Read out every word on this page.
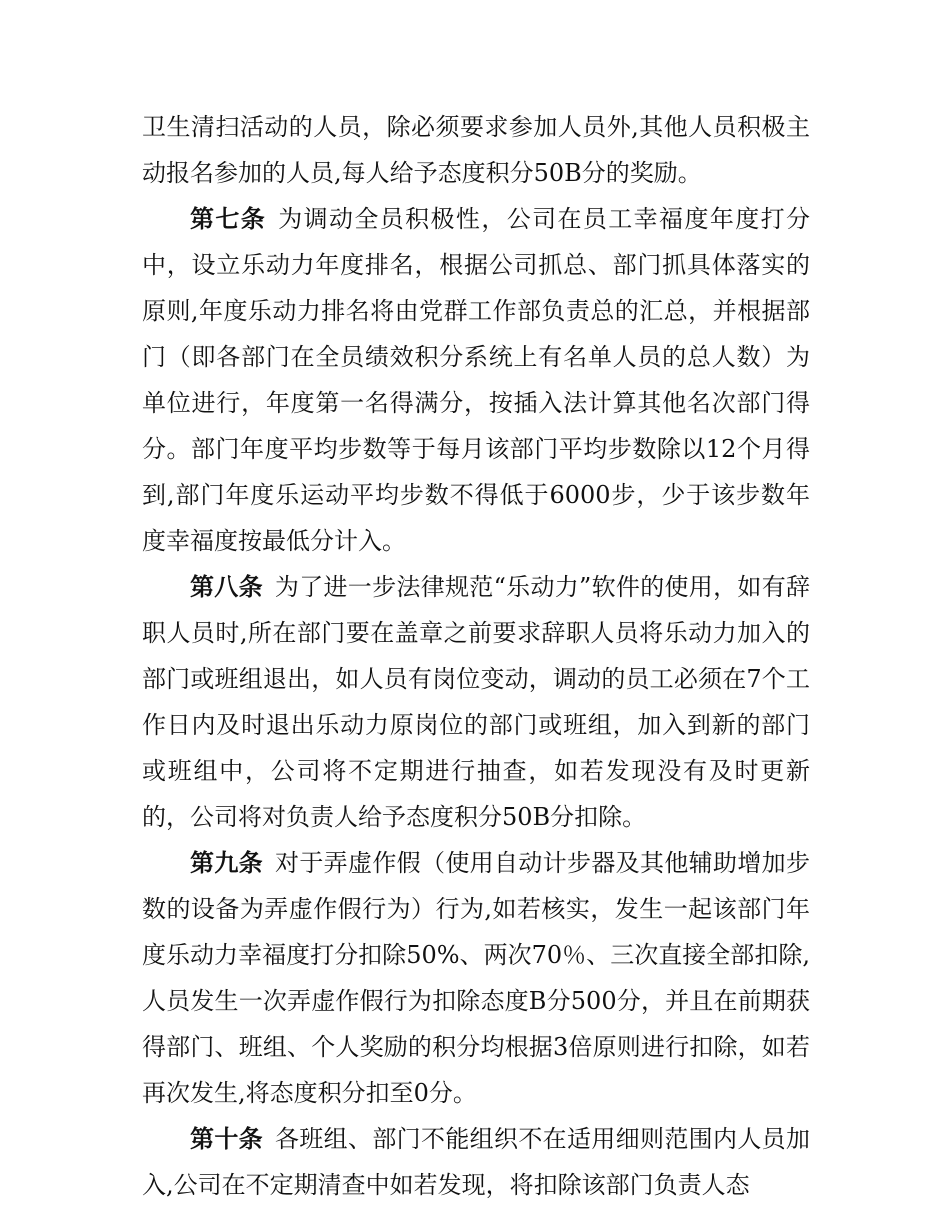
卫生清扫活动的人员，除必须要求参加人员外,其他人员积极主动报名参加的人员,每人给予态度积分50B分的奖励。

第七条 为调动全员积极性，公司在员工幸福度年度打分中，设立乐动力年度排名，根据公司抓总、部门抓具体落实的原则,年度乐动力排名将由党群工作部负责总的汇总，并根据部门（即各部门在全员绩效积分系统上有名单人员的总人数）为单位进行，年度第一名得满分，按插入法计算其他名次部门得分。部门年度平均步数等于每月该部门平均步数除以12个月得到,部门年度乐运动平均步数不得低于6000步，少于该步数年度幸福度按最低分计入。

第八条 为了进一步法律规范“乐动力”软件的使用，如有辞职人员时,所在部门要在盖章之前要求辞职人员将乐动力加入的部门或班组退出，如人员有岗位变动，调动的员工必须在7个工作日内及时退出乐动力原岗位的部门或班组，加入到新的部门或班组中，公司将不定期进行抽查，如若发现没有及时更新的，公司将对负责人给予态度积分50B分扣除。

第九条 对于弄虚作假（使用自动计步器及其他辅助增加步数的设备为弄虚作假行为）行为,如若核实，发生一起该部门年度乐动力幸福度打分扣除50%、两次70％、三次直接全部扣除,人员发生一次弄虚作假行为扣除态度B分500分，并且在前期获得部门、班组、个人奖励的积分均根据3倍原则进行扣除，如若再次发生,将态度积分扣至0分。

第十条 各班组、部门不能组织不在适用细则范围内人员加入,公司在不定期清查中如若发现，将扣除该部门负责人态
